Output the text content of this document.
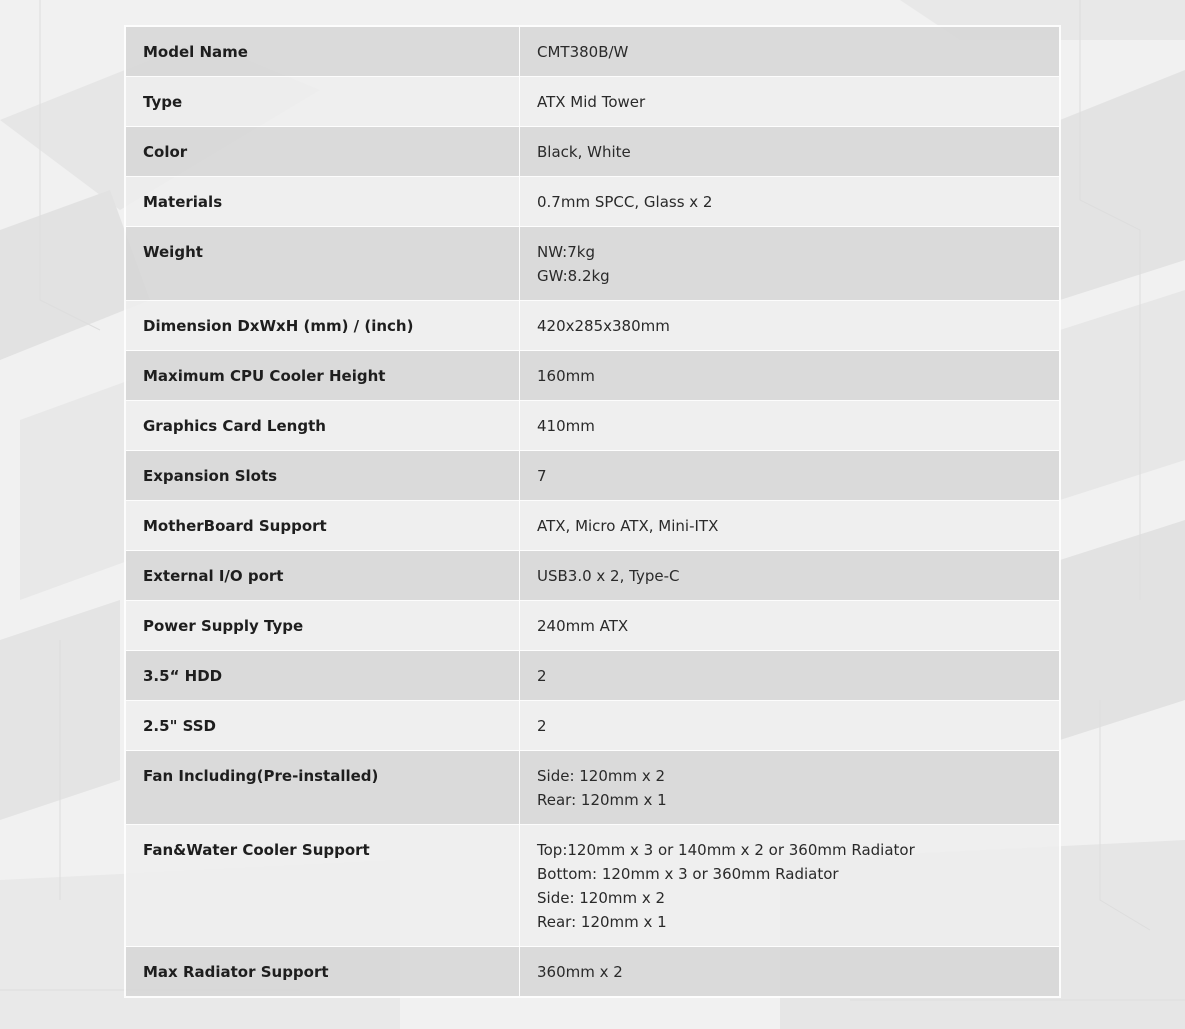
Model Name	CMT380B/W

Type	ATX Mid Tower

Color	Black, White

Materials	0.7mm SPCC, Glass x 2

Weight	NW:7kg
GW:8.2kg

Dimension DxWxH (mm) / (inch)	420x285x380mm

Maximum CPU Cooler Height	160mm

Graphics Card Length	410mm

Expansion Slots	7

MotherBoard Support	ATX, Micro ATX, Mini-ITX

External I/O port	USB3.0 x 2, Type-C

Power Supply Type	240mm ATX

3.5“ HDD	2

2.5" SSD	2

Fan Including(Pre-installed)	Side: 120mm x 2
Rear: 120mm x 1

Fan&Water Cooler Support	Top:120mm x 3 or 140mm x 2 or 360mm Radiator
Bottom: 120mm x 3 or 360mm Radiator
Side: 120mm x 2
Rear: 120mm x 1

Max Radiator Support	360mm x 2
